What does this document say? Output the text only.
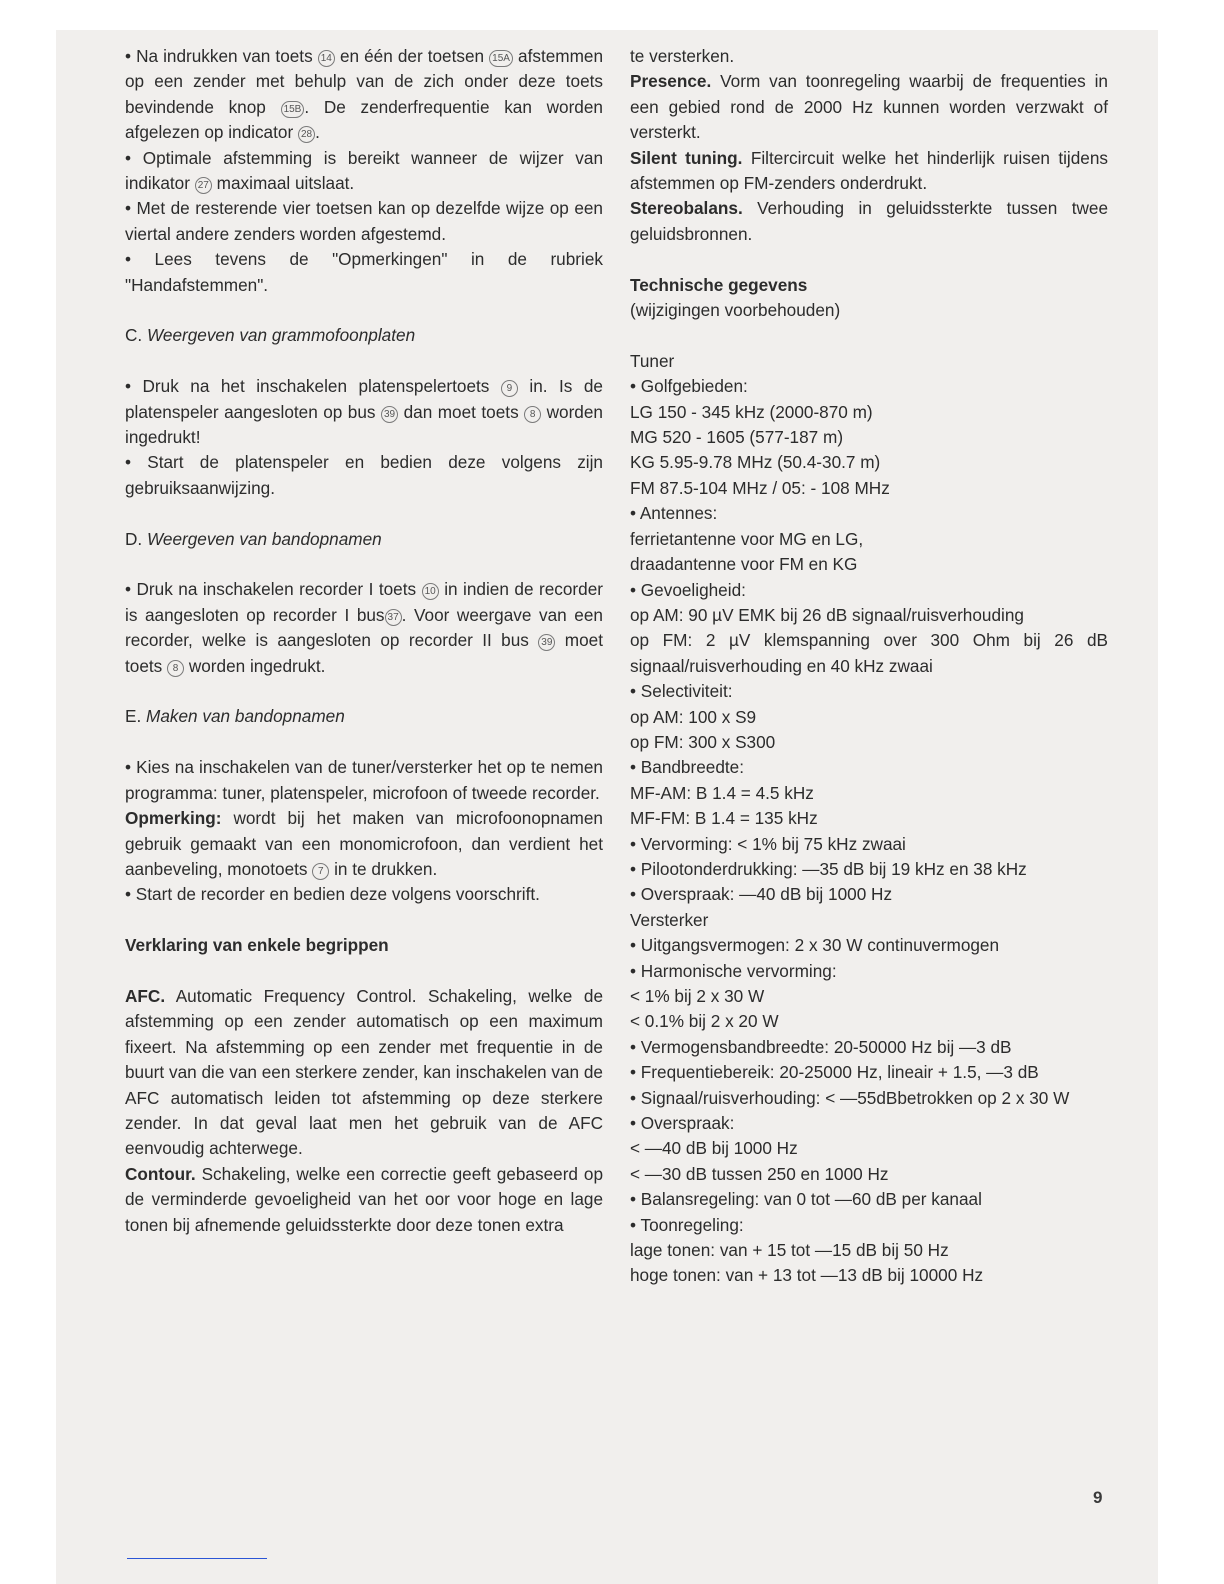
• Na indrukken van toets 14 en één der toetsen 15A afstemmen op een zender met behulp van de zich onder deze toets bevindende knop 15B . De zenderfrequentie kan worden afgelezen op indicator 28 .

• Optimale afstemming is bereikt wanneer de wijzer van indikator 27 maximaal uitslaat.

• Met de resterende vier toetsen kan op dezelfde wijze op een viertal andere zenders worden afgestemd.

• Lees tevens de "Opmerkingen" in de rubriek "Handafstemmen".

C. Weergeven van grammofoonplaten

• Druk na het inschakelen platenspelertoets 9 in. Is de platenspeler aangesloten op bus 39 dan moet toets 8 worden ingedrukt!

• Start de platenspeler en bedien deze volgens zijn gebruiksaanwijzing.

D. Weergeven van bandopnamen

• Druk na inschakelen recorder I toets 10 in indien de recorder is aangesloten op recorder I bus 37 . Voor weergave van een recorder, welke is aangesloten op recorder II bus 39 moet toets 8 worden ingedrukt.

E. Maken van bandopnamen

• Kies na inschakelen van de tuner/versterker het op te nemen programma: tuner, platenspeler, microfoon of tweede recorder.

Opmerking: wordt bij het maken van microfoonopnamen gebruik gemaakt van een monomicrofoon, dan verdient het aanbeveling, monotoets 7 in te drukken.

• Start de recorder en bedien deze volgens voorschrift.

Verklaring van enkele begrippen

AFC. Automatic Frequency Control. Schakeling, welke de afstemming op een zender automatisch op een maximum fixeert. Na afstemming op een zender met frequentie in de buurt van die van een sterkere zender, kan inschakelen van de AFC automatisch leiden tot afstemming op deze sterkere zender. In dat geval laat men het gebruik van de AFC eenvoudig achterwege.

Contour. Schakeling, welke een correctie geeft gebaseerd op de verminderde gevoeligheid van het oor voor hoge en lage tonen bij afnemende geluidssterkte door deze tonen extra

te versterken.

Presence. Vorm van toonregeling waarbij de frequenties in een gebied rond de 2000 Hz kunnen worden verzwakt of versterkt.

Silent tuning. Filtercircuit welke het hinderlijk ruisen tijdens afstemmen op FM-zenders onderdrukt.

Stereobalans. Verhouding in geluidssterkte tussen twee geluidsbronnen.

Technische gegevens

(wijzigingen voorbehouden)

Tuner

• Golfgebieden:

LG 150 - 345 kHz (2000-870 m)

MG 520 - 1605 (577-187 m)

KG 5.95-9.78 MHz (50.4-30.7 m)

FM 87.5-104 MHz / 05: - 108 MHz

• Antennes:

ferrietantenne voor MG en LG,

draadantenne voor FM en KG

• Gevoeligheid:

op AM: 90 µV EMK bij 26 dB signaal/ruisverhouding

op FM: 2 µV klemspanning over 300 Ohm bij 26 dB signaal/ruisverhouding en 40 kHz zwaai

• Selectiviteit:

op AM: 100 x S9

op FM: 300 x S300

• Bandbreedte:

MF-AM: B 1.4 = 4.5 kHz

MF-FM: B 1.4 = 135 kHz

• Vervorming: < 1% bij 75 kHz zwaai

• Pilootonderdrukking: —35 dB bij 19 kHz en 38 kHz

• Overspraak: —40 dB bij 1000 Hz

Versterker

• Uitgangsvermogen: 2 x 30 W continuvermogen

• Harmonische vervorming:

< 1% bij 2 x 30 W

< 0.1% bij 2 x 20 W

• Vermogensbandbreedte: 20-50000 Hz bij —3 dB

• Frequentiebereik: 20-25000 Hz, lineair + 1.5, —3 dB

• Signaal/ruisverhouding: < —55dBbetrokken op 2 x 30 W

• Overspraak:

< —40 dB bij 1000 Hz

< —30 dB tussen 250 en 1000 Hz

• Balansregeling: van 0 tot —60 dB per kanaal

• Toonregeling:

lage tonen: van + 15 tot —15 dB bij 50 Hz

hoge tonen: van + 13 tot —13 dB bij 10000 Hz

9
